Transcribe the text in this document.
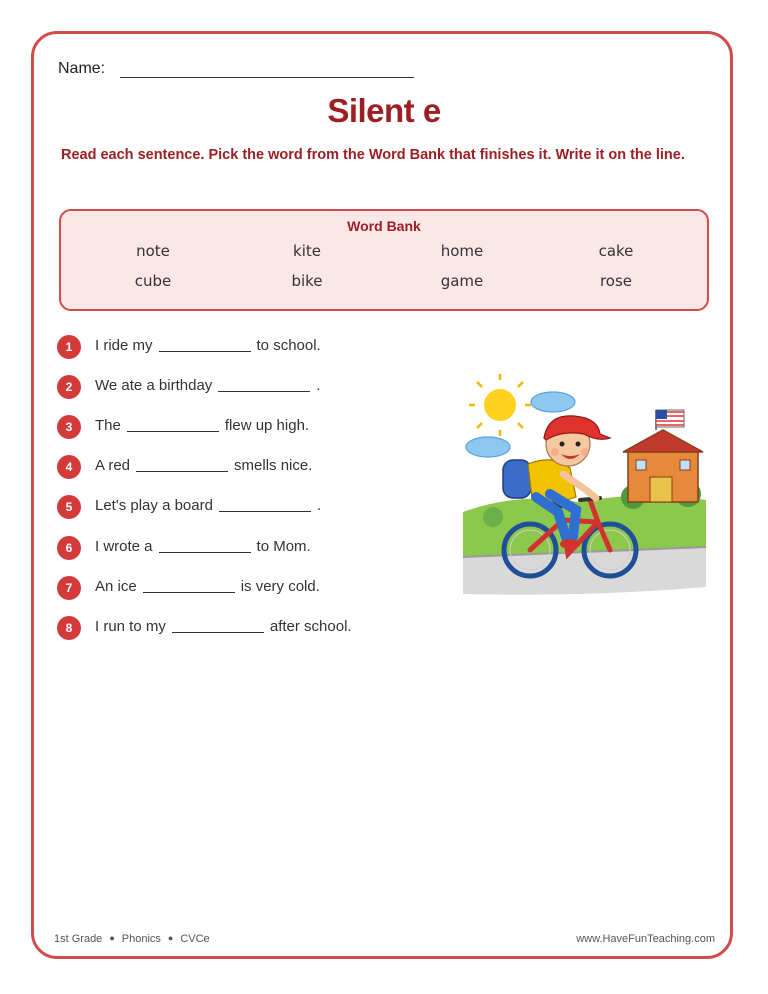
Name:
Silent e
Read each sentence. Pick the word from the Word Bank that finishes it. Write it on the line.
Word Bank
note	kite	home	cake
cube	bike	game	rose
1	I ride my	to school.
2	We ate a birthday	.
3	The	flew up high.
4	A red	smells nice.
5	Let's play a board	.
6	I wrote a	to Mom.
7	An ice	is very cold.
8	I run to my	after school.
1st Grade ● Phonics ● CVCe	www.HaveFunTeaching.com
